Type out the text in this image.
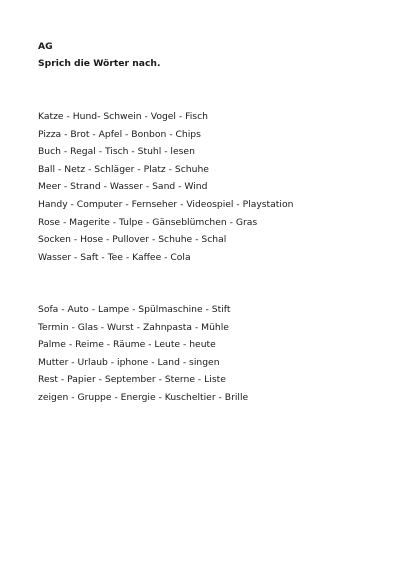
AG
Sprich die Wörter nach.
Katze - Hund- Schwein - Vogel - Fisch
Pizza - Brot - Apfel - Bonbon - Chips
Buch - Regal - Tisch - Stuhl - lesen
Ball - Netz - Schläger - Platz - Schuhe
Meer - Strand - Wasser - Sand - Wind
Handy - Computer - Fernseher - Videospiel - Playstation
Rose - Magerite - Tulpe - Gänseblümchen - Gras
Socken - Hose - Pullover - Schuhe - Schal
Wasser - Saft - Tee - Kaffee - Cola
Sofa - Auto - Lampe - Spülmaschine - Stift
Termin - Glas - Wurst - Zahnpasta - Mühle
Palme - Reime - Räume - Leute - heute
Mutter - Urlaub - iphone - Land - singen
Rest - Papier - September - Sterne - Liste
zeigen - Gruppe - Energie - Kuscheltier - Brille
